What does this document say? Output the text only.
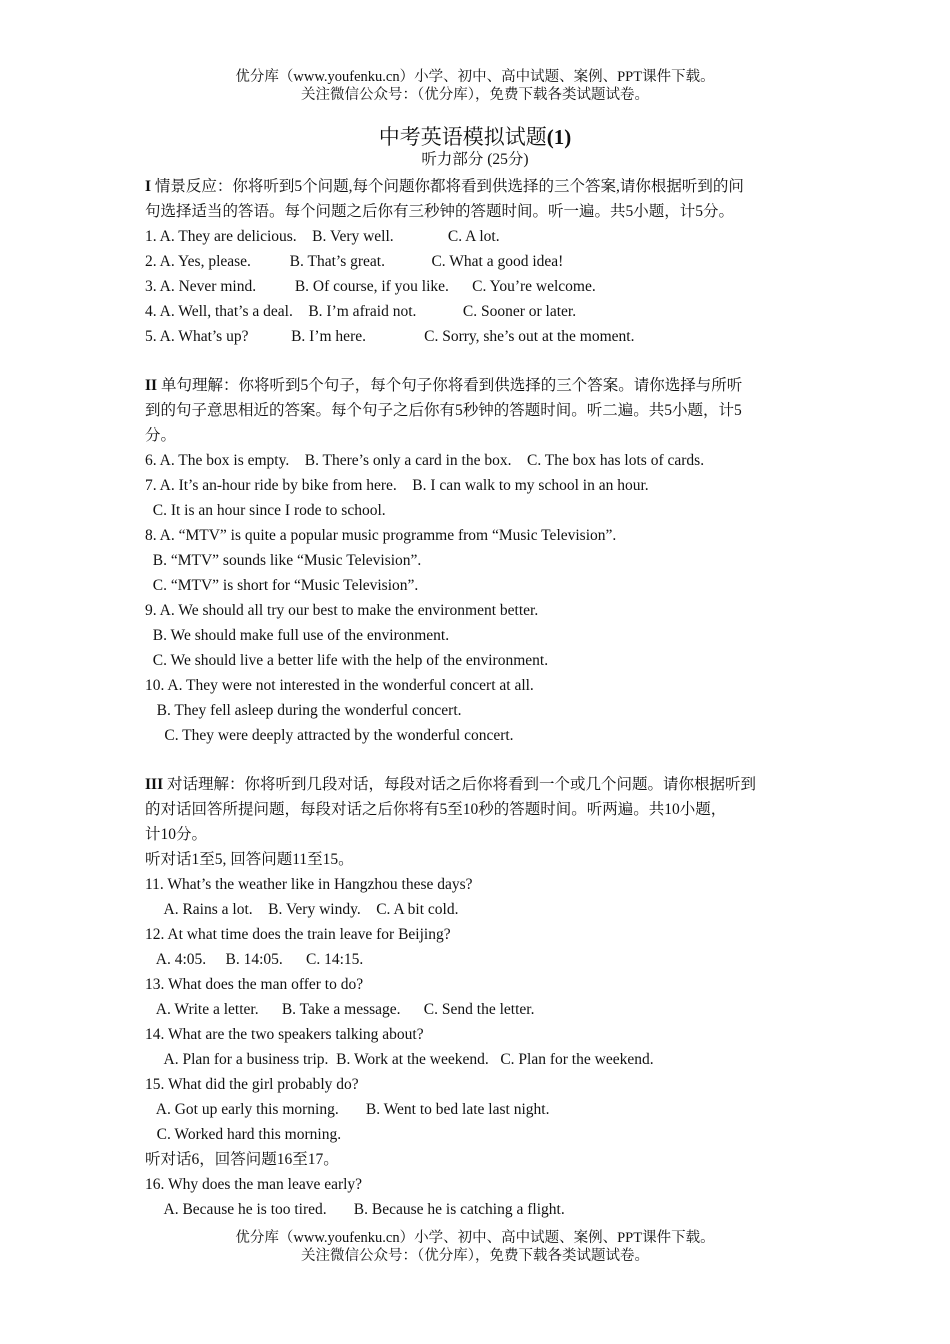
优分库（www.youfenku.cn）小学、初中、高中试题、案例、PPT课件下载。
关注微信公众号：（优分库），免费下载各类试题试卷。
中考英语模拟试题(1)
听力部分 (25分)
I 情景反应：你将听到5个问题,每个问题你都将看到供选择的三个答案,请你根据听到的问
句选择适当的答语。每个问题之后你有三秒钟的答题时间。听一遍。共5小题，计5分。
1. A. They are delicious.    B. Very well.              C. A lot.
2. A. Yes, please.          B. That’s great.            C. What a good idea!
3. A. Never mind.          B. Of course, if you like.      C. You’re welcome.
4. A. Well, that’s a deal.    B. I’m afraid not.            C. Sooner or later.
5. A. What’s up?           B. I’m here.               C. Sorry, she’s out at the moment.
II 单句理解：你将听到5个句子，每个句子你将看到供选择的三个答案。请你选择与所听
到的句子意思相近的答案。每个句子之后你有5秒钟的答题时间。听二遍。共5小题，计5
分。
6. A. The box is empty.    B. There’s only a card in the box.    C. The box has lots of cards.
7. A. It’s an-hour ride by bike from here.    B. I can walk to my school in an hour.
C. It is an hour since I rode to school.
8. A. “MTV” is quite a popular music programme from “Music Television”.
B. “MTV” sounds like “Music Television”.
C. “MTV” is short for “Music Television”.
9. A. We should all try our best to make the environment better.
B. We should make full use of the environment.
C. We should live a better life with the help of the environment.
10. A. They were not interested in the wonderful concert at all.
B. They fell asleep during the wonderful concert.
C. They were deeply attracted by the wonderful concert.
III 对话理解：你将听到几段对话，每段对话之后你将看到一个或几个问题。请你根据听到
的对话回答所提问题，每段对话之后你将有5至10秒的答题时间。听两遍。共10小题，
计10分。
听对话1至5, 回答问题11至15。
11. What’s the weather like in Hangzhou these days?
A. Rains a lot.    B. Very windy.    C. A bit cold.
12. At what time does the train leave for Beijing?
A. 4:05.     B. 14:05.      C. 14:15.
13. What does the man offer to do?
A. Write a letter.      B. Take a message.      C. Send the letter.
14. What are the two speakers talking about?
A. Plan for a business trip.  B. Work at the weekend.   C. Plan for the weekend.
15. What did the girl probably do?
A. Got up early this morning.       B. Went to bed late last night.
C. Worked hard this morning.
听对话6，回答问题16至17。
16. Why does the man leave early?
A. Because he is too tired.       B. Because he is catching a flight.
优分库（www.youfenku.cn）小学、初中、高中试题、案例、PPT课件下载。
关注微信公众号：（优分库），免费下载各类试题试卷。
